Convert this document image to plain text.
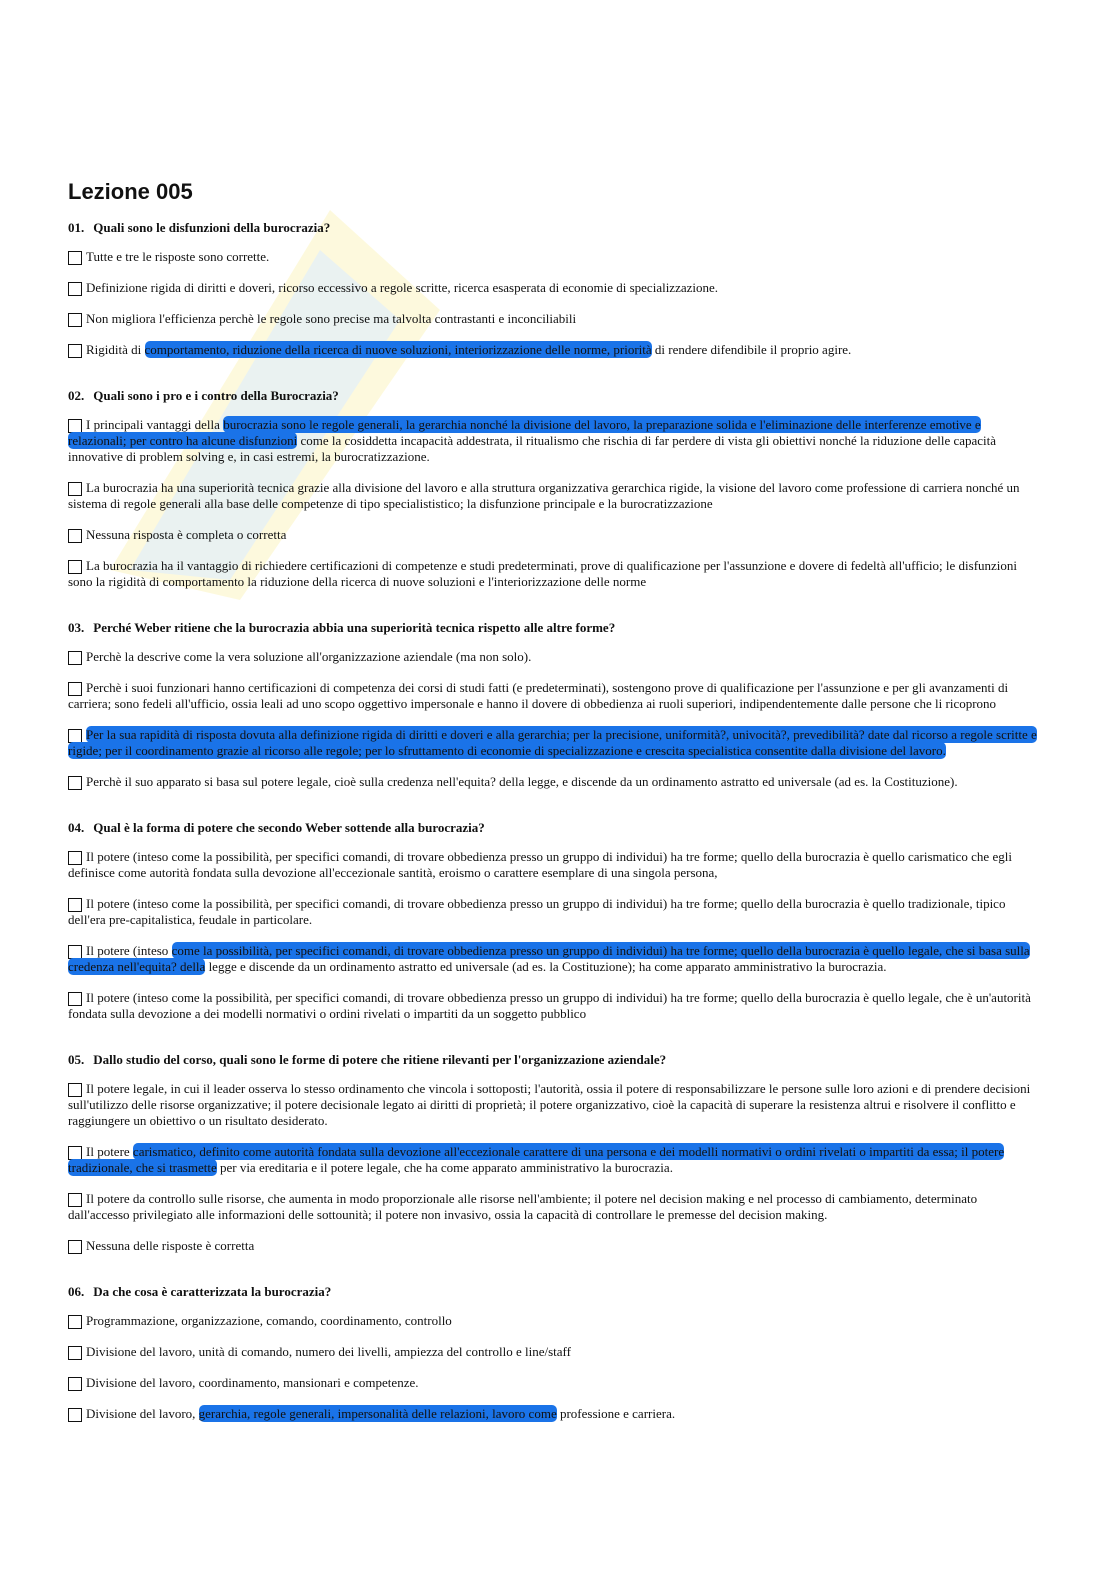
Lezione 005
01. Quali sono le disfunzioni della burocrazia?
Tutte e tre le risposte sono corrette.
Definizione rigida di diritti e doveri, ricorso eccessivo a regole scritte, ricerca esasperata di economie di specializzazione.
Non migliora l'efficienza perchè le regole sono precise ma talvolta contrastanti e inconciliabili
Rigidità di comportamento, riduzione della ricerca di nuove soluzioni, interiorizzazione delle norme, priorità di rendere difendibile il proprio agire.
02. Quali sono i pro e i contro della Burocrazia?
I principali vantaggi della burocrazia sono le regole generali, la gerarchia nonché la divisione del lavoro, la preparazione solida e l'eliminazione delle interferenze emotive e relazionali; per contro ha alcune disfunzioni come la cosiddetta incapacità addestrata, il ritualismo che rischia di far perdere di vista gli obiettivi nonché la riduzione delle capacità innovative di problem solving e, in casi estremi, la burocratizzazione.
La burocrazia ha una superiorità tecnica grazie alla divisione del lavoro e alla struttura organizzativa gerarchica rigide, la visione del lavoro come professione di carriera nonché un sistema di regole generali alla base delle competenze di tipo specialististico; la disfunzione principale e la burocratizzazione
Nessuna risposta è completa o corretta
La burocrazia ha il vantaggio di richiedere certificazioni di competenze e studi predeterminati, prove di qualificazione per l'assunzione e dovere di fedeltà all'ufficio; le disfunzioni sono la rigidità di comportamento la riduzione della ricerca di nuove soluzioni e l'interiorizzazione delle norme
03. Perché Weber ritiene che la burocrazia abbia una superiorità tecnica rispetto alle altre forme?
Perchè la descrive come la vera soluzione all'organizzazione aziendale (ma non solo).
Perchè i suoi funzionari hanno certificazioni di competenza dei corsi di studi fatti (e predeterminati), sostengono prove di qualificazione per l'assunzione e per gli avanzamenti di carriera; sono fedeli all'ufficio, ossia leali ad uno scopo oggettivo impersonale e hanno il dovere di obbedienza ai ruoli superiori, indipendentemente dalle persone che li ricoprono
Per la sua rapidità di risposta dovuta alla definizione rigida di diritti e doveri e alla gerarchia; per la precisione, uniformità?, univocità?, prevedibilità? date dal ricorso a regole scritte e rigide; per il coordinamento grazie al ricorso alle regole; per lo sfruttamento di economie di specializzazione e crescita specialistica consentite dalla divisione del lavoro.
Perchè il suo apparato si basa sul potere legale, cioè sulla credenza nell'equita? della legge, e discende da un ordinamento astratto ed universale (ad es. la Costituzione).
04. Qual è la forma di potere che secondo Weber sottende alla burocrazia?
Il potere (inteso come la possibilità, per specifici comandi, di trovare obbedienza presso un gruppo di individui) ha tre forme; quello della burocrazia è quello carismatico che egli definisce come autorità fondata sulla devozione all'eccezionale santità, eroismo o carattere esemplare di una singola persona,
Il potere (inteso come la possibilità, per specifici comandi, di trovare obbedienza presso un gruppo di individui) ha tre forme; quello della burocrazia è quello tradizionale, tipico dell'era pre-capitalistica, feudale in particolare.
Il potere (inteso come la possibilità, per specifici comandi, di trovare obbedienza presso un gruppo di individui) ha tre forme; quello della burocrazia è quello legale, che si basa sulla credenza nell'equita? della legge e discende da un ordinamento astratto ed universale (ad es. la Costituzione); ha come apparato amministrativo la burocrazia.
Il potere (inteso come la possibilità, per specifici comandi, di trovare obbedienza presso un gruppo di individui) ha tre forme; quello della burocrazia è quello legale, che è un'autorità fondata sulla devozione a dei modelli normativi o ordini rivelati o impartiti da un soggetto pubblico
05. Dallo studio del corso, quali sono le forme di potere che ritiene rilevanti per l'organizzazione aziendale?
Il potere legale, in cui il leader osserva lo stesso ordinamento che vincola i sottoposti; l'autorità, ossia il potere di responsabilizzare le persone sulle loro azioni e di prendere decisioni sull'utilizzo delle risorse organizzative; il potere decisionale legato ai diritti di proprietà; il potere organizzativo, cioè la capacità di superare la resistenza altrui e risolvere il conflitto e raggiungere un obiettivo o un risultato desiderato.
Il potere carismatico, definito come autorità fondata sulla devozione all'eccezionale carattere di una persona e dei modelli normativi o ordini rivelati o impartiti da essa; il potere tradizionale, che si trasmette per via ereditaria e il potere legale, che ha come apparato amministrativo la burocrazia.
Il potere da controllo sulle risorse, che aumenta in modo proporzionale alle risorse nell'ambiente; il potere nel decision making e nel processo di cambiamento, determinato dall'accesso privilegiato alle informazioni delle sottounità; il potere non invasivo, ossia la capacità di controllare le premesse del decision making.
Nessuna delle risposte è corretta
06. Da che cosa è caratterizzata la burocrazia?
Programmazione, organizzazione, comando, coordinamento, controllo
Divisione del lavoro, unità di comando, numero dei livelli, ampiezza del controllo e line/staff
Divisione del lavoro, coordinamento, mansionari e competenze.
Divisione del lavoro, gerarchia, regole generali, impersonalità delle relazioni, lavoro come professione e carriera.
